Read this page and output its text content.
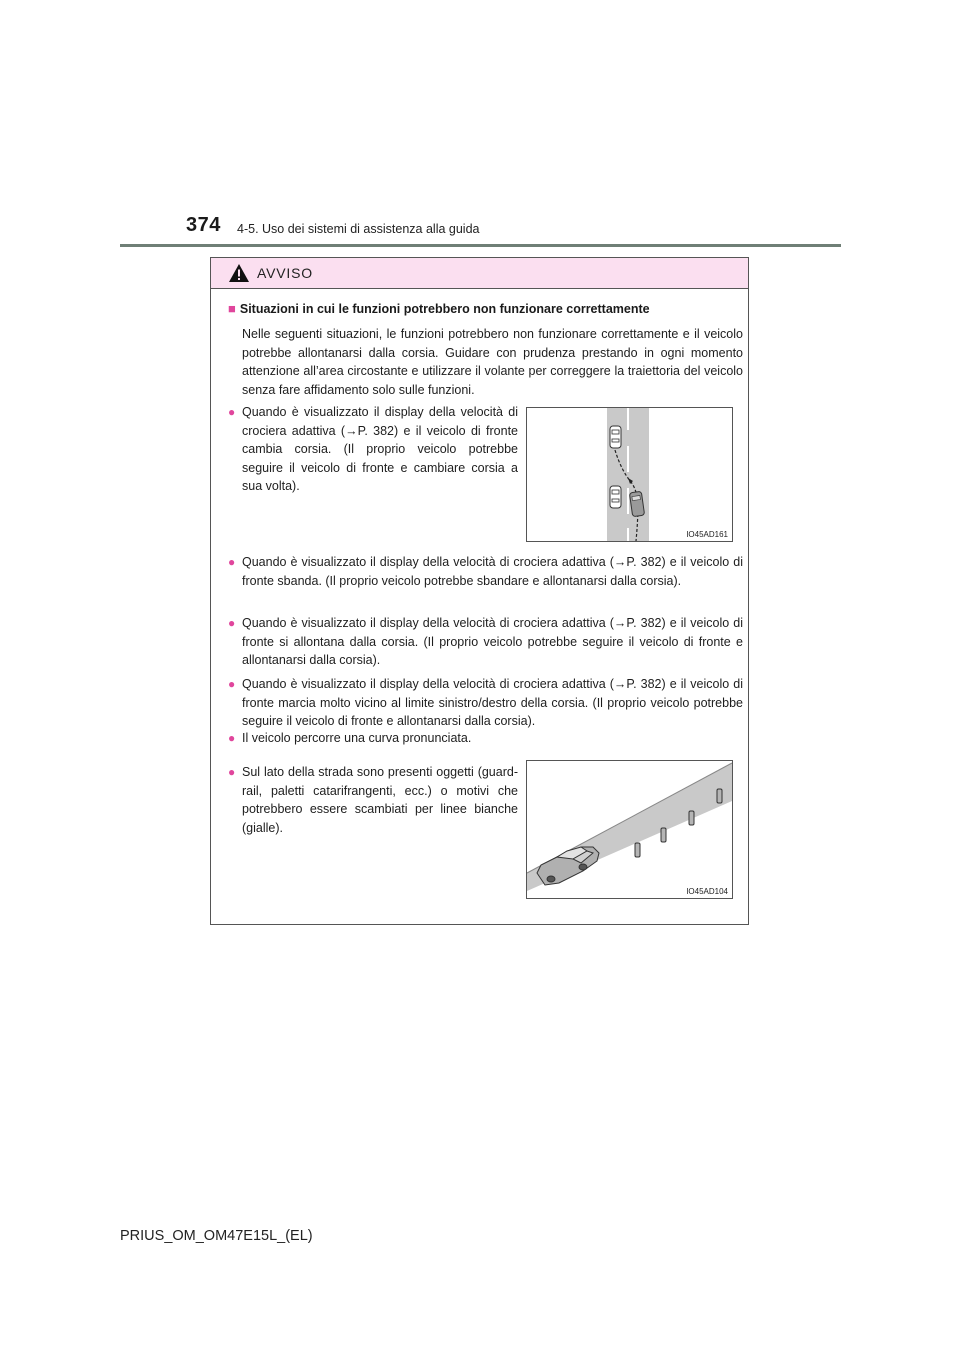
374 4-5. Uso dei sistemi di assistenza alla guida
AVVISO
■ Situazioni in cui le funzioni potrebbero non funzionare correttamente
Nelle seguenti situazioni, le funzioni potrebbero non funzionare correttamente e il veicolo potrebbe allontanarsi dalla corsia. Guidare con prudenza prestando in ogni momento attenzione all’area circostante e utilizzare il volante per correggere la traiettoria del veicolo senza fare affidamento solo sulle funzioni.
● Quando è visualizzato il display della velocità di crociera adattiva (→P. 382) e il veicolo di fronte cambia corsia. (Il proprio veicolo potrebbe seguire il veicolo di fronte e cambiare corsia a sua volta).
IO45AD161
● Quando è visualizzato il display della velocità di crociera adattiva (→P. 382) e il veicolo di fronte sbanda. (Il proprio veicolo potrebbe sbandare e allontanarsi dalla corsia).
● Quando è visualizzato il display della velocità di crociera adattiva (→P. 382) e il veicolo di fronte si allontana dalla corsia. (Il proprio veicolo potrebbe seguire il veicolo di fronte e allontanarsi dalla corsia).
● Quando è visualizzato il display della velocità di crociera adattiva (→P. 382) e il veicolo di fronte marcia molto vicino al limite sinistro/destro della corsia. (Il proprio veicolo potrebbe seguire il veicolo di fronte e allontanarsi dalla corsia).
● Il veicolo percorre una curva pronunciata.
● Sul lato della strada sono presenti oggetti (guard-rail, paletti catarifrangenti, ecc.) o motivi che potrebbero essere scambiati per linee bianche (gialle).
IO45AD104
PRIUS_OM_OM47E15L_(EL)
